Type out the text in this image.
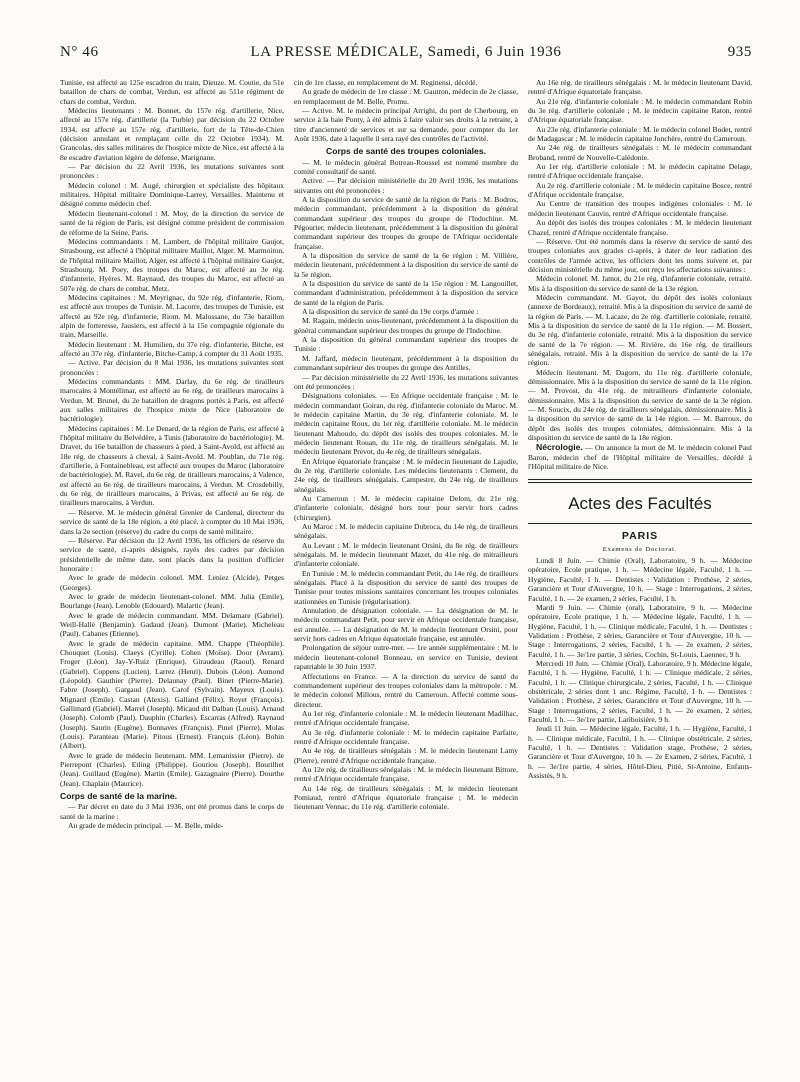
N° 46	LA PRESSE MÉDICALE, Samedi, 6 Juin 1936	935

Tunisie, est affecté au 125e escadron du train, Dieuze. M. Coutie, du 51e bataillon de chars de combat, Verdun, est affecté au 511e régiment de chars de combat, Verdun.

Médecins lieutenants : M. Bonnet, du 157e rég. d'artillerie, Nice, affecté au 157e rég. d'artillerie (la Turbie) par décision du 22 Octobre 1934, est affecté au 157e rég. d'artillerie, fort de la Tête-de-Chien (décision annulant et remplaçant celle du 22 Octobre 1934). M. Grancolas, des salles militaires de l'hospice mixte de Nice, est affecté à la 8e escadre d'aviation légère de défense, Marignane.

— Par décision du 22 Avril 1936, les mutations suivantes sont prononcées :

Médecin colonel : M. Augé, chirurgien et spécialiste des hôpitaux militaires. Hôpital militaire Dominique-Larrey, Versailles. Maintenu et désigné comme médecin chef.

Médecin lieutenant-colonel : M. Moy, de la direction du service de santé de la région de Paris, est désigné comme président de commission de réforme de la Seine, Paris.

Médecins commandants : M. Lambert, de l'hôpital militaire Gaujot, Strasbourg, est affecté à l'hôpital militaire Maillot, Alger. M. Marmoiton, de l'hôpital militaire Maillot, Alger, est affecté à l'hôpital militaire Gaujot, Strasbourg. M. Poey, des troupes du Maroc, est affecté au 3e rég. d'infanterie, Hyères. M. Raynaud, des troupes du Maroc, est affecté au 507e rég. de chars de combat, Metz.

Médecins capitaines : M. Meyrignac, du 92e rég. d'infanterie, Riom, est affecté aux troupes de Tunisie. M. Lacorre, des troupes de Tunisie, est affecté au 92e rég. d'infanterie, Riom. M. Malossane, du 73e bataillon alpin de forteresse, Jausiers, est affecté à la 15e compagnie régionale du train, Marseille.

Médecin lieutenant : M. Humilien, du 37e rég. d'infanterie, Bitche, est affecté au 37e rég. d'infanterie, Bitche-Camp, à compter du 31 Août 1935.

— Active. Par décision du 8 Mai 1936, les mutations suivantes sont prononcées :

Médecins commandants : MM. Darlay, du 6e rég. de tirailleurs marocains à Montélimar, est affecté au 6e rég. de tirailleurs marocains à Verdun. M. Brunel, du 2e bataillon de dragons portés à Paris, est affecté aux salles militaires de l'hospice mixte de Nice (laboratoire de bactériologie).

Médecins capitaines : M. Le Denard, de la région de Paris, est affecté à l'hôpital militaire du Belvédère, à Tunis (laboratoire de bactériologie). M. Dravet, du 16e bataillon de chasseurs à pied, à Saint-Avold, est affecté au 18e rég. de chasseurs à cheval, à Saint-Avold. M. Poublan, du 71e rég. d'artillerie, à Fontainebleau, est affecté aux troupes du Maroc (laboratoire de bactériologie). M. Ravel, du 6e rég. de tirailleurs marocains, à Valence, est affecté au 6e rég. de tirailleurs marocains, à Verdun. M. Crosdehilly, du 6e rég. de tirailleurs marocains, à Privas, est affecté au 6e rég. de tirailleurs marocains, à Verdun.

— Réserve. M. le médecin général Grenier de Cardenal, directeur du service de santé de la 18e région, a été placé, à compter du 10 Mai 1936, dans la 2e section (réserve) du cadre du corps de santé militaire.

— Réserve. Par décision du 12 Avril 1936, les officiers de réserve du service de santé, ci-après désignés, rayés des cadres par décision présidentielle de même date, sont placés dans la position d'officier honoraire :

Avec le grade de médecin colonel. MM. Leniez (Alcide), Petges (Georges).

Avec le grade de médecin lieutenant-colonel. MM. Julia (Emile), Bourlange (Jean). Lenoble (Edouard). Malartic (Jean).

Avec le grade de médecin commandant. MM. Delamare (Gabriel). Weill-Hallé (Benjamin). Gadaud (Jean). Dumont (Marie). Micheleau (Paul). Cabanes (Etienne).

Avec le grade de médecin capitaine. MM. Chappe (Théophile). Chouquet (Louis). Claeys (Cyrille). Cohen (Moïse). Door (Avram). Froger (Léon). Jay-Y-Ruiz (Enrique). Giraudeau (Raoul). Renard (Gabriel). Coppens (Lucien). Larrez (Henri). Dubois (Léon). Aumond (Léopold). Gauthier (Pierre). Delaunay (Paul). Binet (Pierre-Marie). Fabre (Joseph). Gargaud (Jean). Carof (Sylvain). Mayeux (Louis). Mignard (Emile). Castan (Alexis). Galland (Félix). Royet (François). Gallimard (Gabriel). Marrel (Joseph). Micaud dit Dalban (Louis). Arnaud (Joseph). Colomb (Paul). Dauphin (Charles). Escarras (Alfred). Raynaud (Joseph). Saurin (Eugène). Bonnaves (François). Pinel (Pierre). Molas (Louis). Paranteau (Marie). Pitous (Ernest). François (Léon). Bohin (Albert).

Avec le grade de médecin lieutenant. MM. Lemanissier (Pierre). de Pierrepont (Charles). Etling (Philippe). Gouriou (Joseph). Bourilhet (Jean). Guillaud (Eugène). Martin (Emile). Gazagnaire (Pierre). Dourthe (Jean). Chaplain (Maurice).

Corps de santé de la marine.

— Par décret en date du 3 Mai 1936, ont été promus dans le corps de santé de la marine :

Au grade de médecin principal. — M. Belle, méde-

cin de 1re classe, en remplacement de M. Reginensi, décédé.

Au grade de médecin de 1re classe : M. Gautron, médecin de 2e classe, en remplacement de M. Belle, Promu.

— Active. M. le médecin principal Arrighi, du port de Cherbourg, en service à la baie Ponty, à été admis à faire valoir ses droits à la retraite, à titre d'ancienneté de services et sur sa demande, pour compter du 1er Août 1936, date à laquelle il sera rayé des contrôles de l'activité.

Corps de santé des troupes coloniales.

— M. le médecin général Botreau-Roussel est nommé membre du comité consultatif de santé.

Active. — Par décision ministérielle du 20 Avril 1936, les mutations suivantes ont été prononcées :

A la disposition du service de santé de la région de Paris : M. Bodros, médecin commandant, précédemment à la disposition du général commandant supérieur des troupes du groupe de l'Indochine. M. Pégourier, médecin lieutenant, précédemment à la disposition du général commandant supérieur des troupes du groupe de l'Afrique occidentale française.

A la disposition du service de santé de la 6e région : M. Villière, médecin lieutenant, précédemment à la disposition du service de santé de la 5e région.

A la disposition du service de santé de la 15e région : M. Langouillet, commandant d'administration, précédemment à la disposition du service de santé de la région de Paris.

A la disposition du service de santé du 19e corps d'armée :

M. Ragain, médecin sous-lieutenant, précédemment à la disposition du général commandant supérieur des troupes du groupe de l'Indochine.

A la disposition du général commandant supérieur des troupes de Tunisie :

M. Jaffard, médecin lieutenant, précédemment à la disposition du commandant supérieur des troupes du groupe des Antilles.

— Par décision ministérielle du 22 Avril 1936, les mutations suivantes ont été prononcées :

Désignations coloniales. — En Afrique occidentale française : M. le médecin commandant Goiran, du rég. d'infanterie coloniale du Maroc. M. le médecin capitaine Martin, du 3e rég. d'infanterie coloniale. M. le médecin capitaine Roux, du 1er rég. d'artillerie coloniale. M. le médecin lieutenant Mahoudo, du dépôt des isolés des troupes coloniales. M. le médecin lieutenant Rouan, du 11e rég. de tirailleurs sénégalais. M. le médecin lieutenant Prevot, du 4e rég. de tirailleurs sénégalais.

En Afrique équatoriale française : M. le médecin lieutenant de Lajudie, du 2e rég. d'artillerie coloniale. Les médecins lieutenants : Clement, du 24e rég. de tirailleurs sénégalais. Campestre, du 24e rég. de tirailleurs sénégalais.

Au Cameroun : M. le médecin capitaine Delom, du 21e rég. d'infanterie coloniale, désigné hors tour pour servir hors cadres (chirurgien).

Au Maroc : M. le médecin capitaine Dubroca, du 14e rég. de tirailleurs sénégalais.

Au Levant : M. le médecin lieutenant Orsini, du 8e rég. de tirailleurs sénégalais. M. le médecin lieutenant Mazet, du 41e rég. de mitrailleurs d'infanterie coloniale.

En Tunisie : M. le médecin commandant Petit, du 14e rég. de tirailleurs sénégalais. Placé à la disposition du service de santé des troupes de Tunisie pour toutes missions sanitaires concernant les troupes coloniales stationnées en Tunisie (régularisation).

Annulation de désignation coloniale. — La désignation de M. le médecin commandant Petit, pour servir en Afrique occidentale française, est annulée. — La désignation de M. le médecin lieutenant Orsini, pour servir hors cadres en Afrique équatoriale française, est annulée.

Prolongation de séjour outre-mer. — 1re année supplémentaire : M. le médecin lieutenant-colonel Bonneau, en service en Tunisie, devient rapatriable le 30 Juin 1937.

Affectations en France. — A la direction du service de santé du commandement supérieur des troupes coloniales dans la métropole. : M. le médecin colonel Millous, rentré du Cameroun. Affecté comme sous-directeur.

Au 1er rég. d'infanterie coloniale : M. le médecin lieutenant Madilhac, rentré d'Afrique occidentale française.

Au 3e rég. d'infanterie coloniale : M. le médecin capitaine Parfaite, rentré d'Afrique occidentale française.

Au 4e rég. de tirailleurs sénégalais : M. le médecin lieutenant Lamy (Pierre), rentré d'Afrique occidentale française.

Au 12e rég. de tirailleurs sénégalais : M. le médecin lieutenant Bittore, rentré d'Afrique occidentale française.

Au 14e rég. de tirailleurs sénégalais : M. le médecin lieutenant Pomiaud, rentré d'Afrique équatoriale française ; M. le médecin lieutenant Vennac, du 11e rég. d'artillerie coloniale.

Au 16e rég. de tirailleurs sénégalais : M. le médecin lieutenant David, rentré d'Afrique équatoriale française.

Au 21e rég. d'infanterie coloniale : M. le médecin commandant Robin du 3e rég. d'artillerie coloniale ; M. le médecin capitaine Raton, rentré d'Afrique équatoriale française.

Au 23e rég. d'infanterie coloniale : M. le médecin colonel Bodet, rentré de Madagascar ; M. le médecin capitaine Jonchère, rentré du Cameroun.

Au 24e rég. de tirailleurs sénégalais : M. le médecin commandant Broband, rentré de Nouvelle-Calédonie.

Au 1er rég. d'artillerie coloniale : M. le médecin capitaine Delage, rentré d'Afrique occidentale française.

Au 2e rég. d'artillerie coloniale : M. le médecin capitaine Bosce, rentré d'Afrique occidentale française.

Au Centre de transition des troupes indigènes coloniales : M. le médecin lieutenant Cauvin, rentré d'Afrique occidentale française.

Au dépôt des isolés des troupes coloniales : M. le médecin lieutenant Chazel, rentré d'Afrique occidentale française.

— Réserve. Ont été nommés dans la réserve du service de santé des troupes coloniales aux grades ci-après, à dater de leur radiation des contrôles de l'armée active, les officiers dont les noms suivent et, par décision ministérielle du même jour, ont reçu les affectations suivantes :

Médecin colonel. M. Jamot, du 21e rég. d'infanterie coloniale, retraité. Mis à la disposition du service de santé de la 13e région.

Médecin commandant. M. Gayot, du dépôt des isolés coloniaux (annexe de Bordeaux), retraité. Mis à la disposition du service de santé de la région de Paris. — M. Lacaze, du 2e rég. d'artillerie coloniale, retraité. Mis à la disposition du service de santé de la 11e région. — M. Bossert, du 3e rég. d'infanterie coloniale, retraité. Mis à la disposition du service de santé de la 7e région. — M. Rivière, du 16e rég. de tirailleurs sénégalais, retraité. Mis à la disposition du service de santé de la 17e région.

Médecin lieutenant. M. Dagorn, du 11e rég. d'artillerie coloniale, démissionnaire. Mis à la disposition du service de santé de la 11e région. — M. Provost, du 41e rég. de mitrailleurs d'infanterie coloniale, démissionnaire. Mis à la disposition du service de santé de la 3e région. — M. Soucix, du 24e rég. de tirailleurs sénégalais, démissionnaire. Mis à la disposition du service de santé de la 14e région. — M. Barroux, du dépôt des isolés des troupes coloniales, démissionnaire. Mis à la disposition du service de santé de la 18e région.

Nécrologie. — On annonce la mort de M. le médecin colonel Paul Baron, médecin chef de l'Hôpital militaire de Versailles, décédé à l'Hôpital militaire de Nice.

Actes des Facultés
PARIS
Examens de Doctorat.

Lundi 8 Juin. — Chimie (Oral), Laboratoire, 9 h. — Médecine opératoire, Ecole pratique, 1 h. — Médecine légale, Faculté, 1 h. — Hygiène, Faculté, 1 h. — Dentistes : Validation : Prothèse, 2 séries, Garancière et Tour d'Auvergne, 10 h. — Stage : Interrogations, 2 séries, Faculté, 1 h. — 2e examen, 2 séries, Faculté, 1 h.

Mardi 9 Juin. — Chimie (oral), Laboratoire, 9 h. — Médecine opératoire, Ecole pratique, 1 h. — Médecine légale, Faculté, 1 h. — Hygiène, Faculté, 1 h. — Clinique médicale, Faculté, 1 h. — Dentistes : Validation : Prothèse, 2 séries, Garancière et Tour d'Auvergne, 10 h. — Stage : Interrogations, 2 séries, Faculté, 1 h. — 2e examen, 2 séries, Faculté, 1 h. — 3e/1re partie, 3 séries, Cochin, St-Louis, Laennec, 9 h.

Mercredi 10 Juin. — Chimie (Oral), Laboratoire, 9 h. Médecine légale, Faculté, 1 h. — Hygiène, Faculté, 1 h. — Clinique médicale, 2 séries, Faculté, 1 h. — Clinique chirurgicale, 2 séries, Faculté, 1 h. — Clinique obstétricale, 2 séries dont 1 anc. Régime, Faculté, 1 h. — Dentistes : Validation : Prothèse, 2 séries, Garancière et Tour d'Auvergne, 10 h. — Stage : Interrogations, 2 séries, Faculté, 1 h. — 2e examen, 2 séries, Faculté, 1 h. — 3e/1re partie, Lariboisière, 9 h.

Jeudi 11 Juin. — Médecine légale, Faculté, 1 h. — Hygiène, Faculté, 1 h. — Clinique médicale, Faculté, 1 h. — Clinique obstétricale, 2 séries, Faculté, 1 h. — Dentistes : Validation stage, Prothèse, 2 séries, Garancière et Tour d'Auvergne, 10 h. — 2e Examen, 2 séries, Faculté, 1 h. — 3e/1re partie, 4 séries, Hôtel-Dieu, Pitié, St-Antoine, Enfants-Assistés, 9 h.
